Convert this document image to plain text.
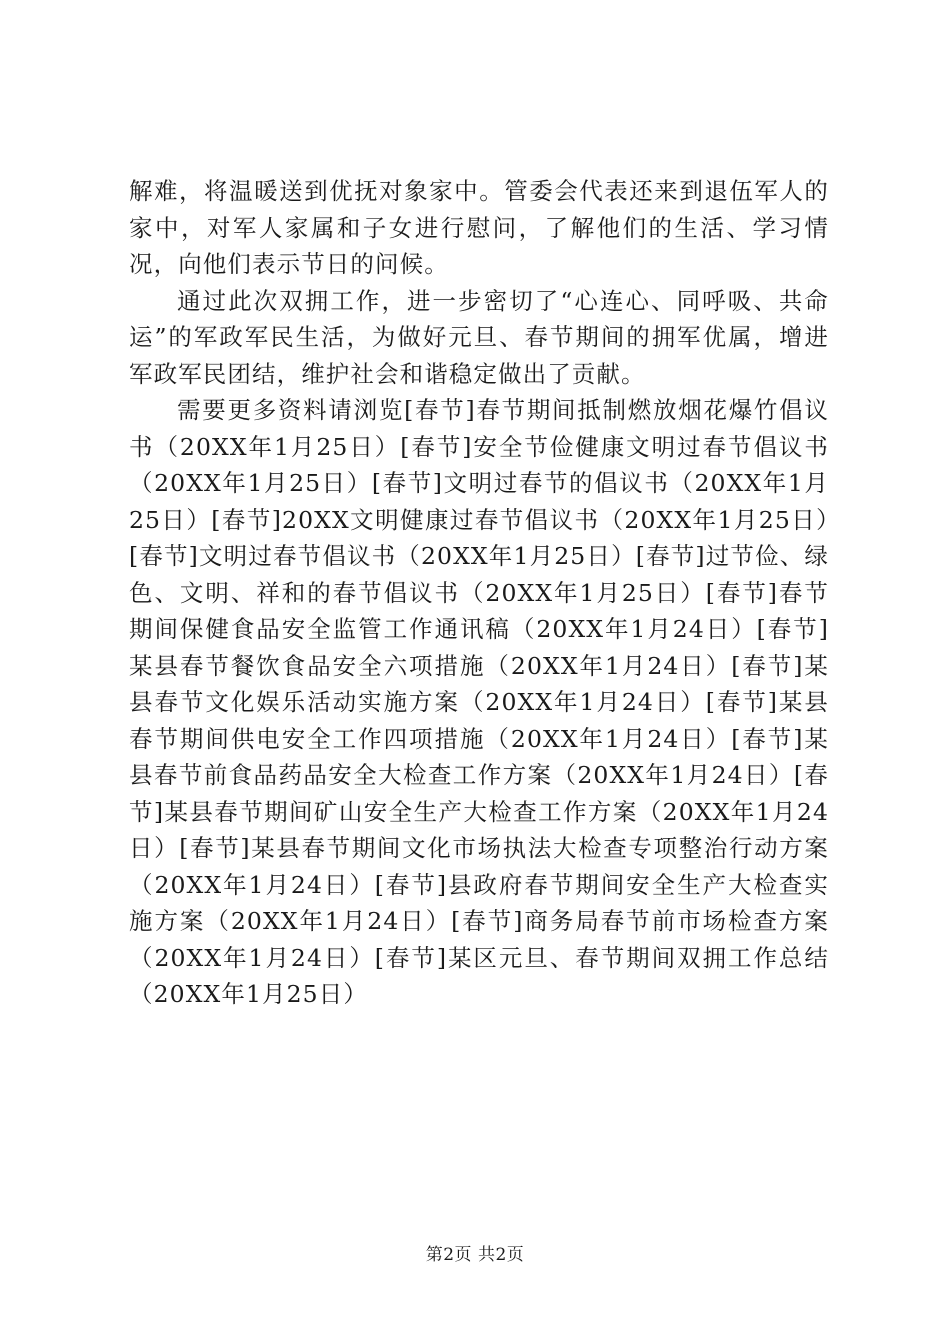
解难，将温暖送到优抚对象家中。管委会代表还来到退伍军人的家中，对军人家属和子女进行慰问，了解他们的生活、学习情况，向他们表示节日的问候。

通过此次双拥工作，进一步密切了“心连心、同呼吸、共命运”的军政军民生活，为做好元旦、春节期间的拥军优属，增进军政军民团结，维护社会和谐稳定做出了贡献。

需要更多资料请浏览[春节]春节期间抵制燃放烟花爆竹倡议书（20XX年1月25日）[春节]安全节俭健康文明过春节倡议书（20XX年1月25日）[春节]文明过春节的倡议书（20XX年1月25日）[春节]20XX文明健康过春节倡议书（20XX年1月25日）[春节]文明过春节倡议书（20XX年1月25日）[春节]过节俭、绿色、文明、祥和的春节倡议书（20XX年1月25日）[春节]春节期间保健食品安全监管工作通讯稿（20XX年1月24日）[春节]某县春节餐饮食品安全六项措施（20XX年1月24日）[春节]某县春节文化娱乐活动实施方案（20XX年1月24日）[春节]某县春节期间供电安全工作四项措施（20XX年1月24日）[春节]某县春节前食品药品安全大检查工作方案（20XX年1月24日）[春节]某县春节期间矿山安全生产大检查工作方案（20XX年1月24日）[春节]某县春节期间文化市场执法大检查专项整治行动方案（20XX年1月24日）[春节]县政府春节期间安全生产大检查实施方案（20XX年1月24日）[春节]商务局春节前市场检查方案（20XX年1月24日）[春节]某区元旦、春节期间双拥工作总结（20XX年1月25日）

第2页 共2页
